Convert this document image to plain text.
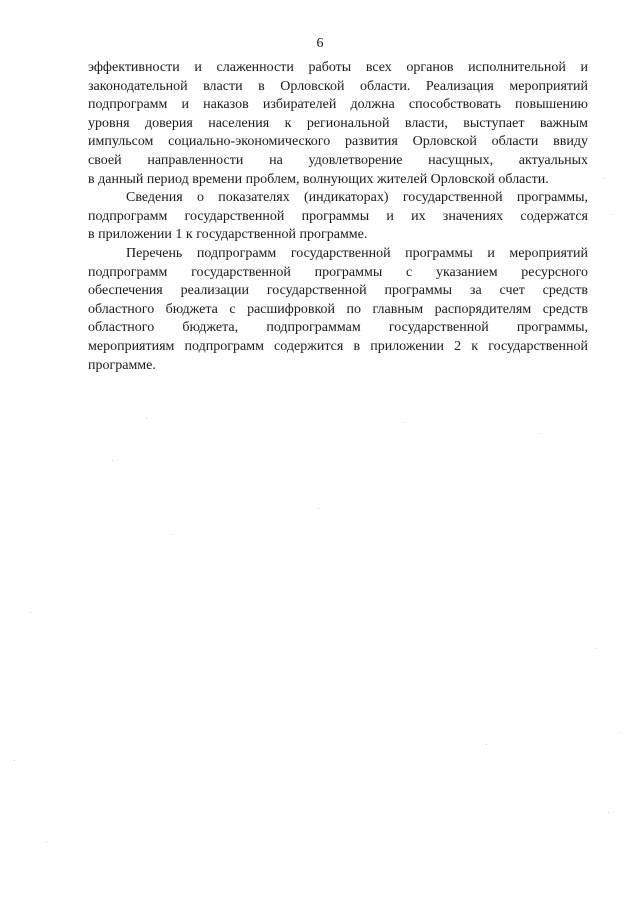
6
эффективности и слаженности работы всех органов исполнительной и
законодательной власти в Орловской области. Реализация мероприятий
подпрограмм и наказов избирателей должна способствовать повышению
уровня доверия населения к региональной власти, выступает важным
импульсом социально-экономического развития Орловской области ввиду
своей направленности на удовлетворение насущных, актуальных
в данный период времени проблем, волнующих жителей Орловской области.
Сведения о показателях (индикаторах) государственной программы,
подпрограмм государственной программы и их значениях содержатся
в приложении 1 к государственной программе.
Перечень подпрограмм государственной программы и мероприятий
подпрограмм государственной программы с указанием ресурсного
обеспечения реализации государственной программы за счет средств
областного бюджета с расшифровкой по главным распорядителям средств
областного бюджета, подпрограммам государственной программы,
мероприятиям подпрограмм содержится в приложении 2 к государственной
программе.
